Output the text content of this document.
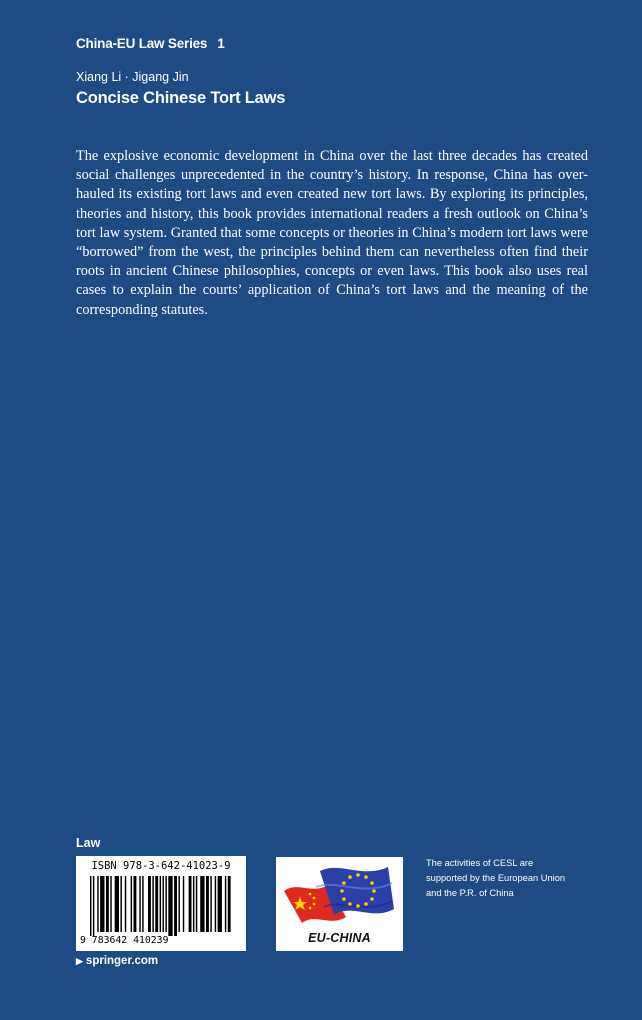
China-EU Law Series 1
Xiang Li · Jigang Jin
Concise Chinese Tort Laws

The explosive economic development in China over the last three decades has created social challenges unprecedented in the country’s history. In response, China has over-hauled its existing tort laws and even created new tort laws. By exploring its principles, theories and history, this book provides international readers a fresh outlook on China’s tort law system. Granted that some concepts or theories in China’s modern tort laws were “borrowed” from the west, the principles behind them can nevertheless often find their roots in ancient Chinese philosophies, concepts or even laws. This book also uses real cases to explain the courts’ application of China’s tort laws and the meaning of the corresponding statutes.

Law
ISBN 978-3-642-41023-9
9 783642 410239	EU-CHINA
The activities of CESL are
supported by the European Union
and the P.R. of China
▶ springer.com
